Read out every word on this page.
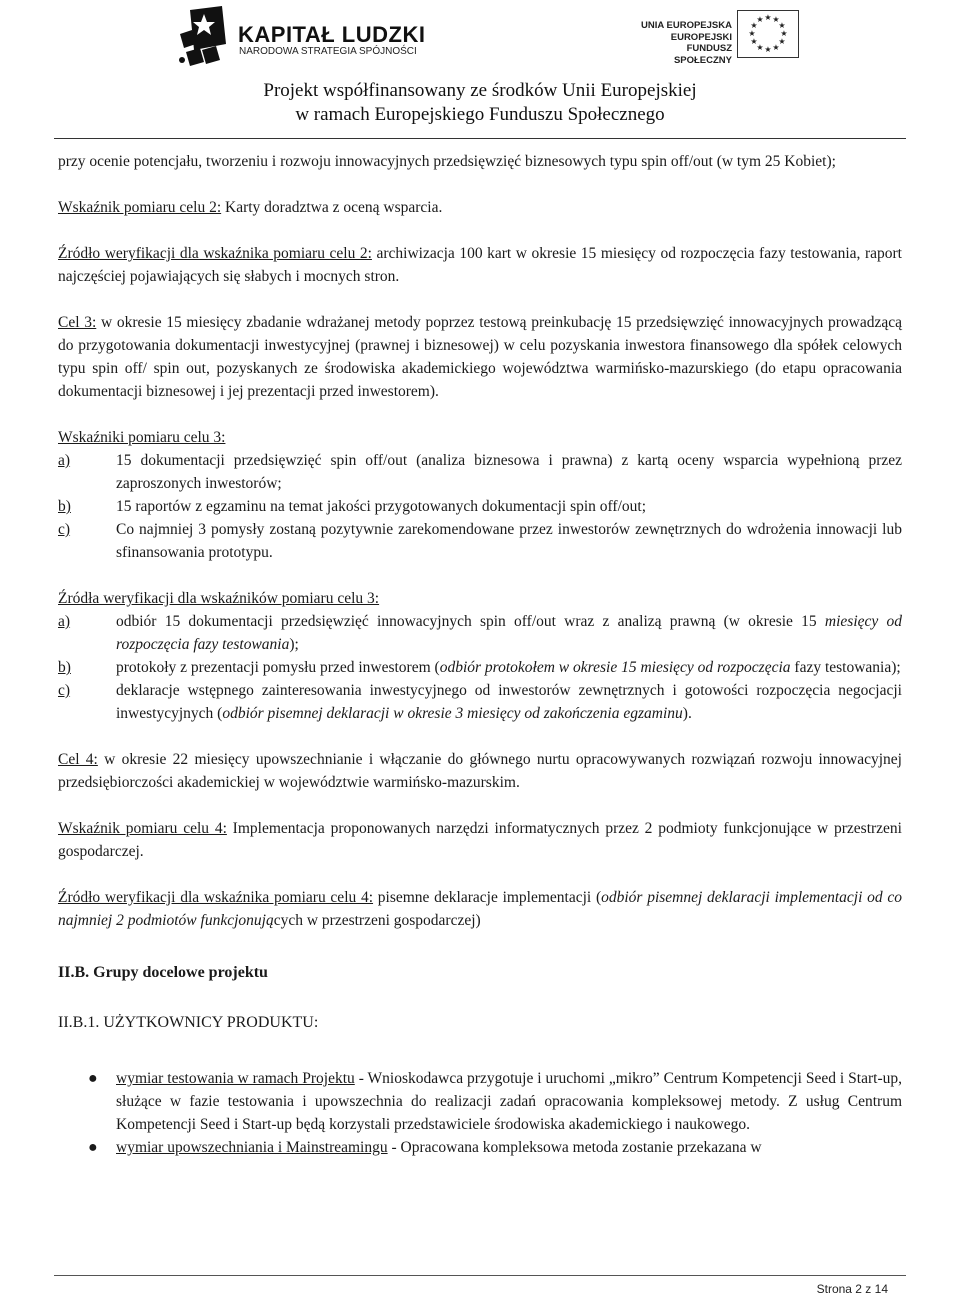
KAPITAŁ LUDZKI
NARODOWA STRATEGIA SPÓJNOŚCI
UNIA EUROPEJSKA
EUROPEJSKI
FUNDUSZ SPOŁECZNY
★ ★
★
★
★
★
★
★
★
★
★
★
Projekt współfinansowany ze środków Unii Europejskiej
w ramach Europejskiego Funduszu Społecznego

przy ocenie potencjału, tworzeniu i rozwoju innowacyjnych przedsięwzięć biznesowych typu spin off/out (w tym 25 Kobiet);

Wskaźnik pomiaru celu 2: Karty doradztwa z oceną wsparcia.

Źródło weryfikacji dla wskaźnika pomiaru celu 2: archiwizacja 100 kart w okresie 15 miesięcy od rozpoczęcia fazy testowania, raport najczęściej pojawiających się słabych i mocnych stron.

Cel 3: w okresie 15 miesięcy zbadanie wdrażanej metody poprzez testową preinkubację 15 przedsięwzięć innowacyjnych prowadzącą do przygotowania dokumentacji inwestycyjnej (prawnej i biznesowej) w celu pozyskania inwestora finansowego dla spółek celowych typu spin off/ spin out, pozyskanych ze środowiska akademickiego województwa warmińsko-mazurskiego (do etapu opracowania dokumentacji biznesowej i jej prezentacji przed inwestorem).

Wskaźniki pomiaru celu 3:

a)	15 dokumentacji przedsięwzięć spin off/out (analiza biznesowa i prawna) z kartą oceny wsparcia wypełnioną przez zaproszonych inwestorów;
b)	15 raportów z egzaminu na temat jakości przygotowanych dokumentacji spin off/out;
c)	Co najmniej 3 pomysły zostaną pozytywnie zarekomendowane przez inwestorów zewnętrznych do wdrożenia innowacji lub sfinansowania prototypu.

Źródła weryfikacji dla wskaźników pomiaru celu 3:

a)	odbiór 15 dokumentacji przedsięwzięć innowacyjnych spin off/out wraz z analizą prawną (w okresie 15 miesięcy od rozpoczęcia fazy testowania);
b)	protokoły z prezentacji pomysłu przed inwestorem (odbiór protokołem w okresie 15 miesięcy od rozpoczęcia fazy testowania);
c)	deklaracje wstępnego zainteresowania inwestycyjnego od inwestorów zewnętrznych i gotowości rozpoczęcia negocjacji inwestycyjnych (odbiór pisemnej deklaracji w okresie 3 miesięcy od zakończenia egzaminu).

Cel 4: w okresie 22 miesięcy upowszechnianie i włączanie do głównego nurtu opracowywanych rozwiązań rozwoju innowacyjnej przedsiębiorczości akademickiej w województwie warmińsko-mazurskim.

Wskaźnik pomiaru celu 4: Implementacja proponowanych narzędzi informatycznych przez 2 podmioty funkcjonujące w przestrzeni gospodarczej.

Źródło weryfikacji dla wskaźnika pomiaru celu 4: pisemne deklaracje implementacji (odbiór pisemnej deklaracji implementacji od co najmniej 2 podmiotów funkcjonujących w przestrzeni gospodarczej)

II.B. Grupy docelowe projektu

II.B.1. UŻYTKOWNICY PRODUKTU:

●	wymiar testowania w ramach Projektu - Wnioskodawca przygotuje i uruchomi „mikro” Centrum Kompetencji Seed i Start-up, służące w fazie testowania i upowszechnia do realizacji zadań opracowania kompleksowej metody. Z usług Centrum Kompetencji Seed i Start-up będą korzystali przedstawiciele środowiska akademickiego i naukowego.
●	wymiar upowszechniania i Mainstreamingu - Opracowana kompleksowa metoda zostanie przekazana w
Strona 2 z 14
